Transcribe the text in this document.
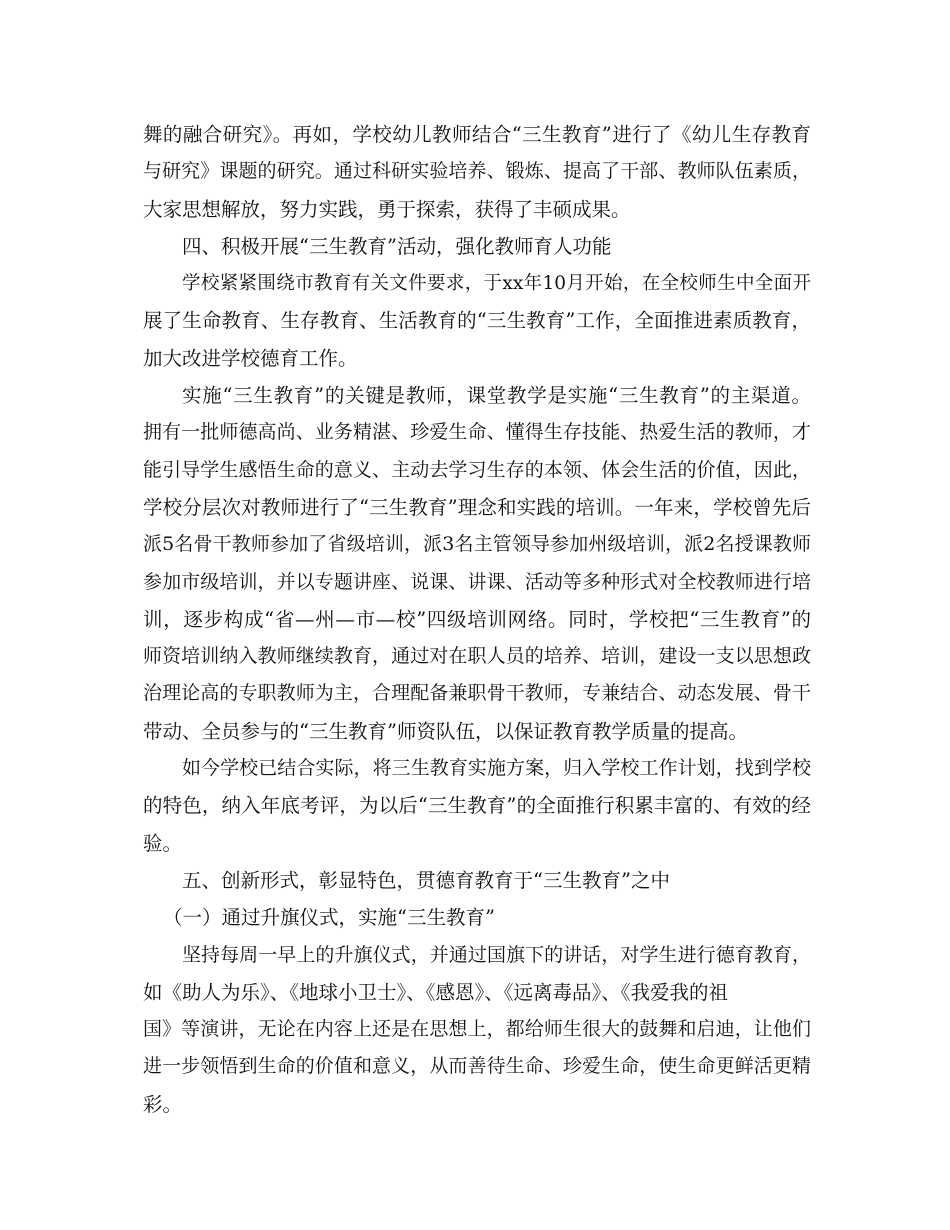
舞的融合研究》。再如，学校幼儿教师结合“三生教育”进行了《幼儿生存教育
与研究》课题的研究。通过科研实验培养、锻炼、提高了干部、教师队伍素质，
大家思想解放，努力实践，勇于探索，获得了丰硕成果。
四、积极开展“三生教育”活动，强化教师育人功能
学校紧紧围绕市教育有关文件要求，于xx年10月开始，在全校师生中全面开
展了生命教育、生存教育、生活教育的“三生教育”工作，全面推进素质教育，
加大改进学校德育工作。
实施“三生教育”的关键是教师，课堂教学是实施“三生教育”的主渠道。
拥有一批师德高尚、业务精湛、珍爱生命、懂得生存技能、热爱生活的教师，才
能引导学生感悟生命的意义、主动去学习生存的本领、体会生活的价值，因此，
学校分层次对教师进行了“三生教育”理念和实践的培训。一年来，学校曾先后
派5名骨干教师参加了省级培训，派3名主管领导参加州级培训，派2名授课教师
参加市级培训，并以专题讲座、说课、讲课、活动等多种形式对全校教师进行培
训，逐步构成“省—州—市—校”四级培训网络。同时，学校把“三生教育”的
师资培训纳入教师继续教育，通过对在职人员的培养、培训，建设一支以思想政
治理论高的专职教师为主，合理配备兼职骨干教师，专兼结合、动态发展、骨干
带动、全员参与的“三生教育”师资队伍，以保证教育教学质量的提高。
如今学校已结合实际，将三生教育实施方案，归入学校工作计划，找到学校
的特色，纳入年底考评，为以后“三生教育”的全面推行积累丰富的、有效的经
验。
五、创新形式，彰显特色，贯德育教育于“三生教育”之中
（一）通过升旗仪式，实施“三生教育”
坚持每周一早上的升旗仪式，并通过国旗下的讲话，对学生进行德育教育，
如《助人为乐》、《地球小卫士》、《感恩》、《远离毒品》、《我爱我的祖
国》等演讲，无论在内容上还是在思想上，都给师生很大的鼓舞和启迪，让他们
进一步领悟到生命的价值和意义，从而善待生命、珍爱生命，使生命更鲜活更精
彩。
